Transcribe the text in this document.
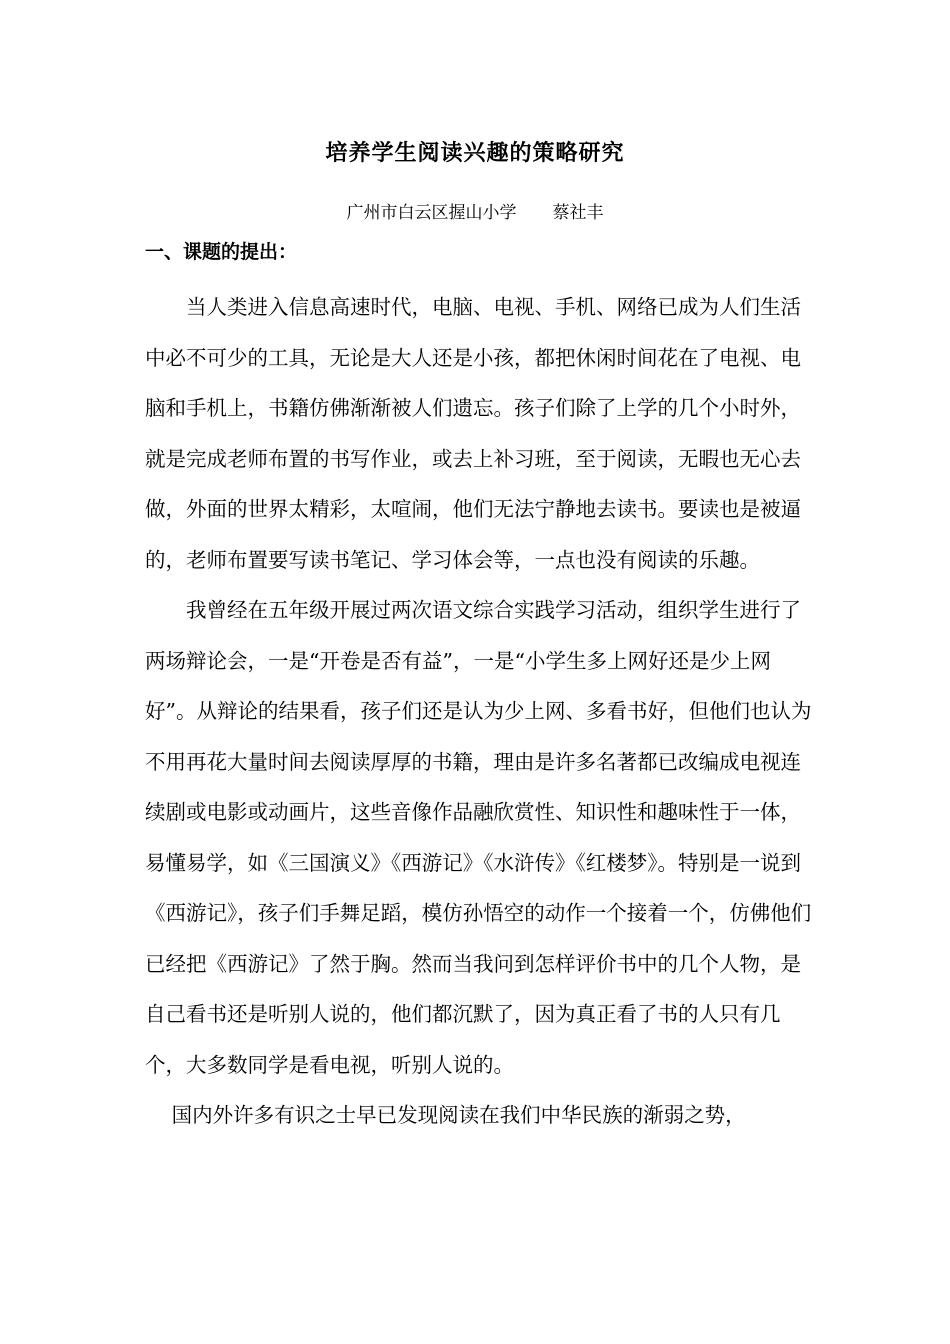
培养学生阅读兴趣的策略研究
广州市白云区握山小学 蔡社丰
一、课题的提出：

当人类进入信息高速时代，电脑、电视、手机、网络已成为人们生活中必不可少的工具，无论是大人还是小孩，都把休闲时间花在了电视、电脑和手机上，书籍仿佛渐渐被人们遗忘。孩子们除了上学的几个小时外，就是完成老师布置的书写作业，或去上补习班，至于阅读，无暇也无心去做，外面的世界太精彩，太喧闹，他们无法宁静地去读书。要读也是被逼的，老师布置要写读书笔记、学习体会等，一点也没有阅读的乐趣。

我曾经在五年级开展过两次语文综合实践学习活动，组织学生进行了两场辩论会，一是“开卷是否有益”，一是“小学生多上网好还是少上网好”。从辩论的结果看，孩子们还是认为少上网、多看书好，但他们也认为不用再花大量时间去阅读厚厚的书籍，理由是许多名著都已改编成电视连续剧或电影或动画片，这些音像作品融欣赏性、知识性和趣味性于一体，易懂易学，如《三国演义》《西游记》《水浒传》《红楼梦》。特别是一说到《西游记》，孩子们手舞足蹈，模仿孙悟空的动作一个接着一个，仿佛他们已经把《西游记》了然于胸。然而当我问到怎样评价书中的几个人物，是自己看书还是听别人说的，他们都沉默了，因为真正看了书的人只有几个，大多数同学是看电视，听别人说的。

国内外许多有识之士早已发现阅读在我们中华民族的渐弱之势，
